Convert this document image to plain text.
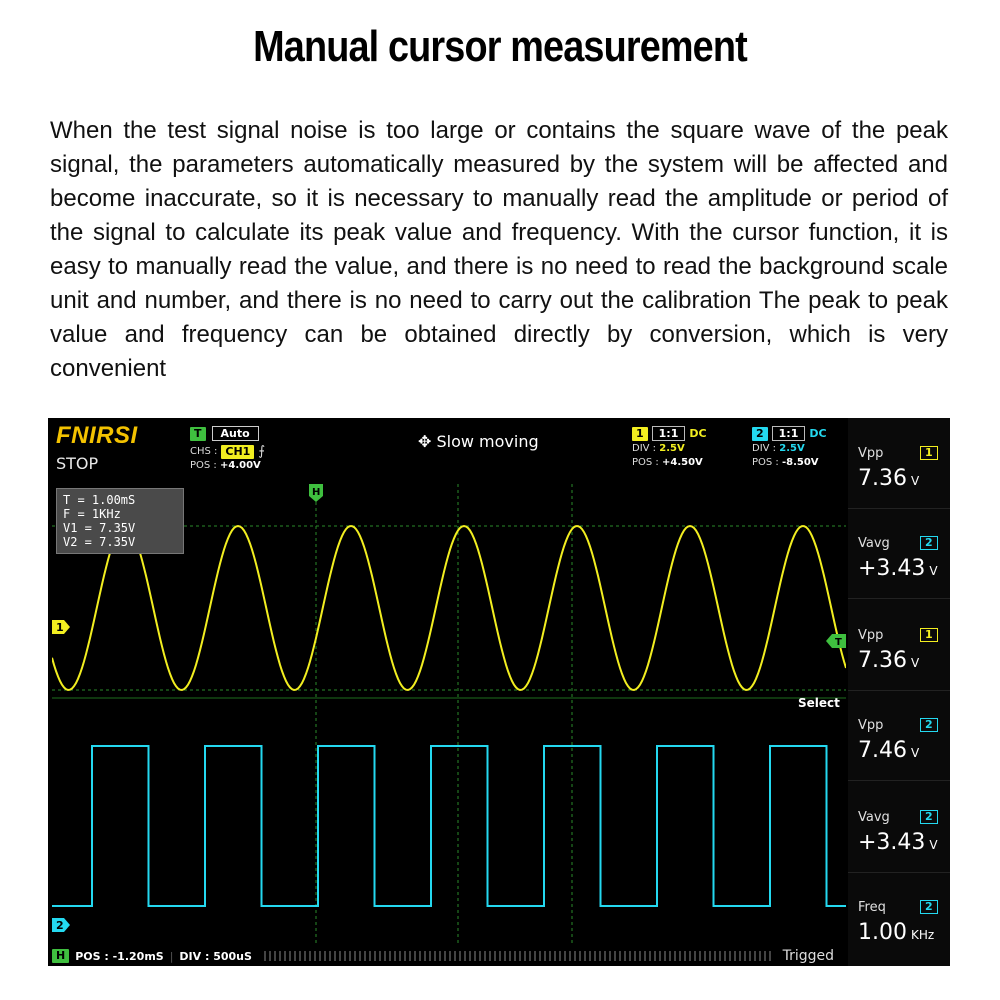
Manual cursor measurement

When the test signal noise is too large or contains the square wave of the peak signal, the parameters automatically measured by the system will be affected and become inaccurate, so it is necessary to manually read the amplitude or period of the signal to calculate its peak value and frequency. With the cursor function, it is easy to manually read the value, and there is no need to read the background scale unit and number, and there is no need to carry out the calibration The peak to peak value and frequency can be obtained directly by conversion, which is very convenient

FNIRSI
STOP
T	Auto
CHS : CH1 ⨍
POS : +4.00V
✥ Slow moving	1	1:1	DC
DIV : 2.5V
POS : +4.50V
2	1:1	DC
DIV : 2.5V
POS : -8.50V
1
2
H
T
T = 1.00mS
F = 1KHz
V1 = 7.35V
V2 = 7.35V
Select
H POS : -1.20mS | DIV : 500uS	Trigged
Vpp	1
7.36 V
Vavg	2
+3.43 V
Vpp	1
7.36 V
Vpp	2
7.46 V
Vavg	2
+3.43 V
Freq	2
1.00 KHz
